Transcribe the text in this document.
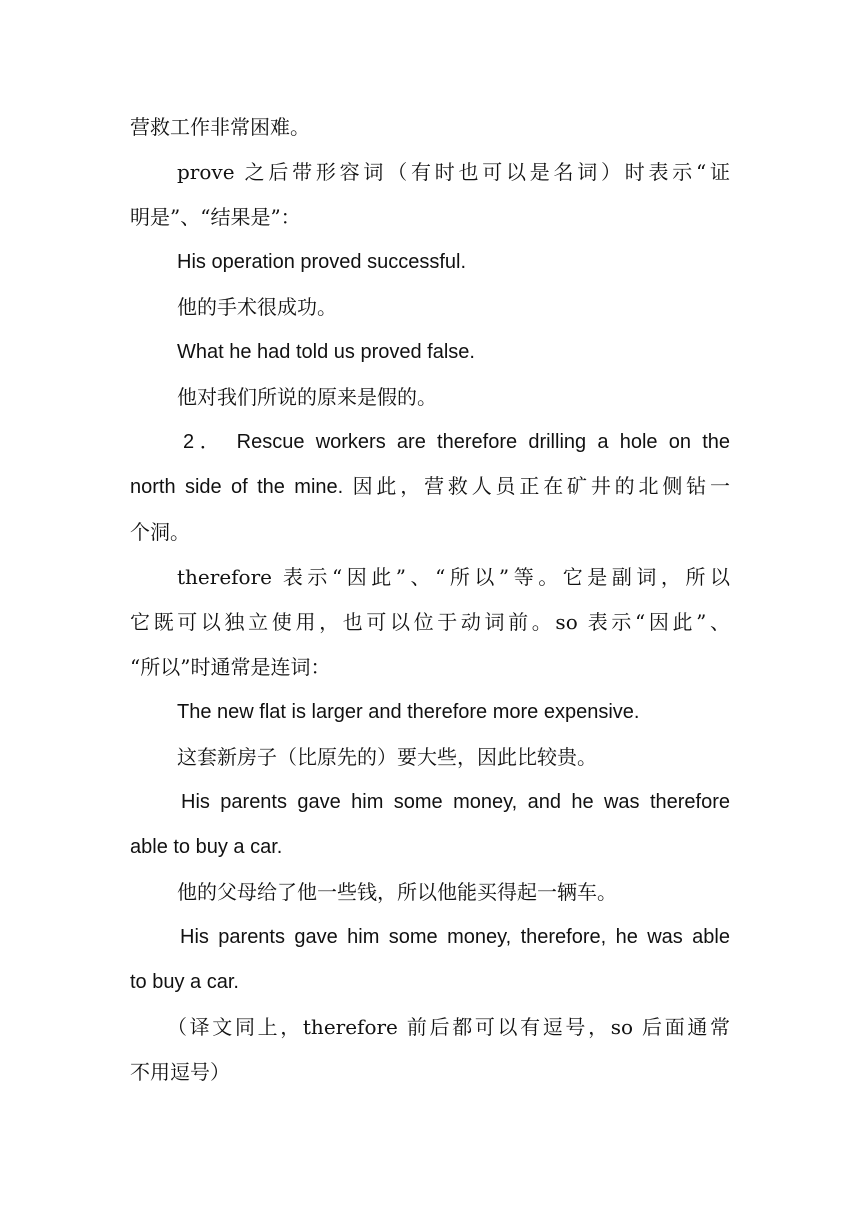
营救工作非常困难。
prove 之后带形容词（有时也可以是名词）时表示“证
明是”、“结果是”：
His operation proved successful.
他的手术很成功。
What he had told us proved false.
他对我们所说的原来是假的。
2． Rescue workers are therefore drilling a hole on the
north side of the mine. 因此，营救人员正在矿井的北侧钻一
个洞。
therefore 表示“因此”、“所以”等。它是副词，所以
它既可以独立使用，也可以位于动词前。so 表示“因此”、
“所以”时通常是连词：
The new flat is larger and therefore more expensive.
这套新房子（比原先的）要大些，因此比较贵。
His parents gave him some money, and he was therefore
able to buy a car.
他的父母给了他一些钱，所以他能买得起一辆车。
His parents gave him some money, therefore, he was able
to buy a car.
（译文同上，therefore 前后都可以有逗号，so 后面通常
不用逗号）
